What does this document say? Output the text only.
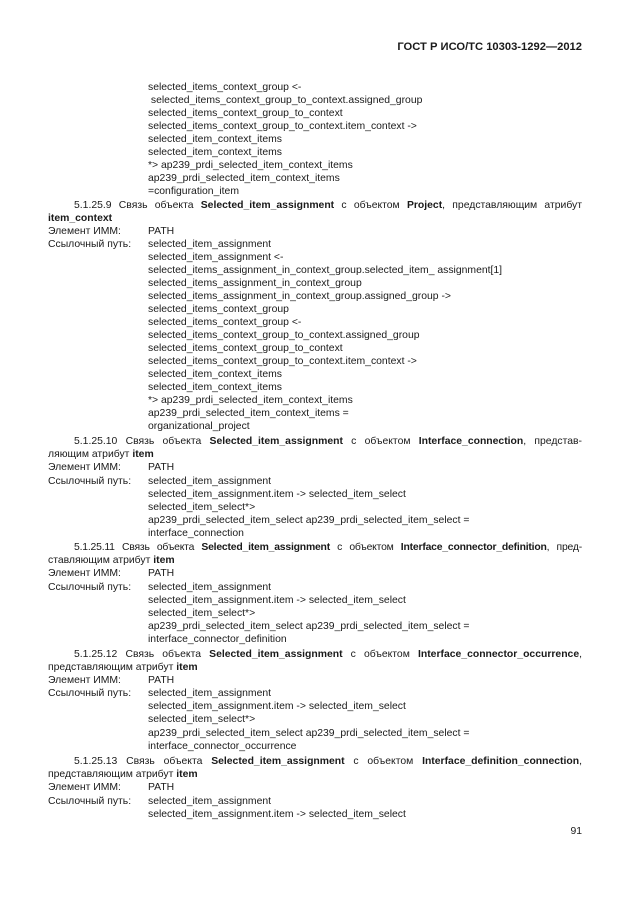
ГОСТ Р ИСО/ТС 10303-1292—2012
selected_items_context_group <-
selected_items_context_group_to_context.assigned_group
selected_items_context_group_to_context
selected_items_context_group_to_context.item_context ->
selected_item_context_items
selected_item_context_items
*> ap239_prdi_selected_item_context_items
ap239_prdi_selected_item_context_items
=configuration_item
5.1.25.9 Связь объекта Selected_item_assignment с объектом Project, представляющим атрибут
item_context
Элемент ИММ:	PATH
Ссылочный путь: selected_item_assignment
selected_item_assignment <-
selected_items_assignment_in_context_group.selected_item_ assignment[1]
selected_items_assignment_in_context_group
selected_items_assignment_in_context_group.assigned_group ->
selected_items_context_group
selected_items_context_group <-
selected_items_context_group_to_context.assigned_group
selected_items_context_group_to_context
selected_items_context_group_to_context.item_context ->
selected_item_context_items
selected_item_context_items
*> ap239_prdi_selected_item_context_items
ap239_prdi_selected_item_context_items =
organizational_project
5.1.25.10 Связь объекта Selected_item_assignment с объектом Interface_connection, представ-
ляющим атрибут item
Элемент ИММ:	PATH
Ссылочный путь: selected_item_assignment
selected_item_assignment.item -> selected_item_select
selected_item_select*>
ap239_prdi_selected_item_select ap239_prdi_selected_item_select =
interface_connection
5.1.25.11 Связь объекта Selected_item_assignment с объектом Interface_connector_definition, пред-
ставляющим атрибут item
Элемент ИММ:	PATH
Ссылочный путь: selected_item_assignment
selected_item_assignment.item -> selected_item_select
selected_item_select*>
ap239_prdi_selected_item_select ap239_prdi_selected_item_select =
interface_connector_definition
5.1.25.12 Связь объекта Selected_item_assignment с объектом Interface_connector_occurrence,
представляющим атрибут item
Элемент ИММ:	PATH
Ссылочный путь: selected_item_assignment
selected_item_assignment.item -> selected_item_select
selected_item_select*>
ap239_prdi_selected_item_select ap239_prdi_selected_item_select =
interface_connector_occurrence
5.1.25.13 Связь объекта Selected_item_assignment с объектом Interface_definition_connection,
представляющим атрибут item
Элемент ИММ:	PATH
Ссылочный путь: selected_item_assignment
selected_item_assignment.item -> selected_item_select
91
